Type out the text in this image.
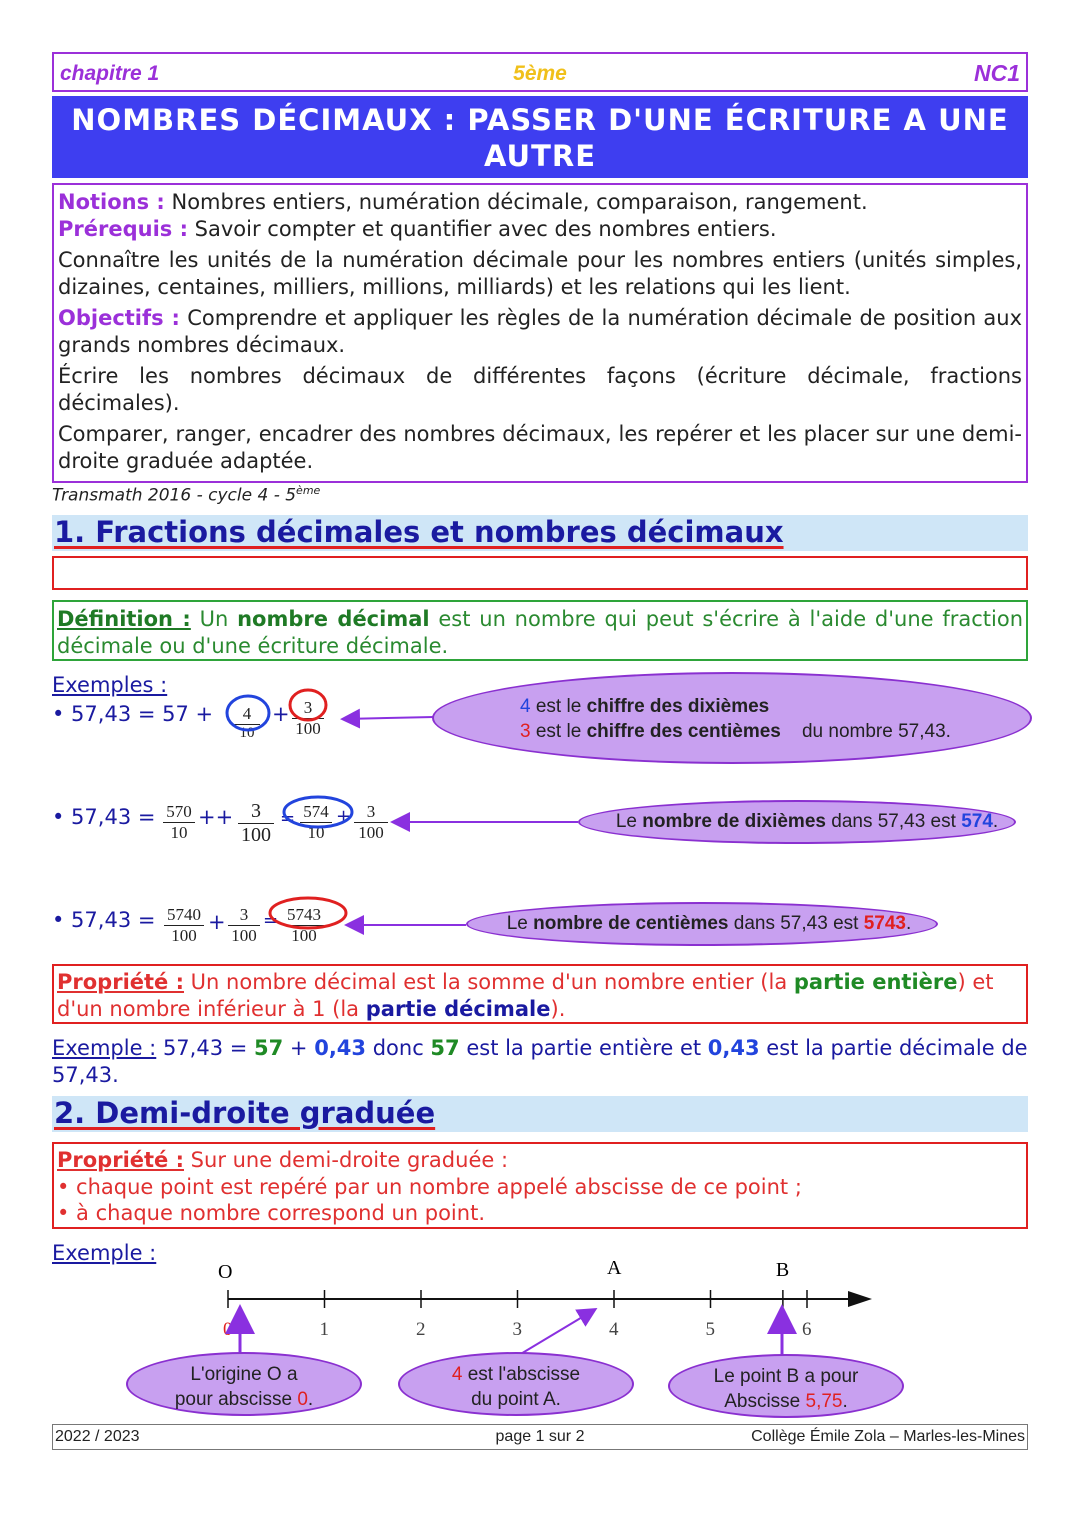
chapitre 1	5ème	NC1
NOMBRES DÉCIMAUX : PASSER D'UNE ÉCRITURE A UNE
AUTRE

Notions : Nombres entiers, numération décimale, comparaison, rangement.
Prérequis : Savoir compter et quantifier avec des nombres entiers.

Connaître les unités de la numération décimale pour les nombres entiers (unités simples, dizaines, centaines, milliers, millions, milliards) et les relations qui les lient.

Objectifs : Comprendre et appliquer les règles de la numération décimale de position aux grands nombres décimaux.

Écrire les nombres décimaux de différentes façons (écriture décimale, fractions décimales).

Comparer, ranger, encadrer des nombres décimaux, les repérer et les placer sur une demi-droite graduée adaptée.

Transmath 2016 - cycle 4 - 5ème
1. Fractions décimales et nombres décimaux
Définition : Un nombre décimal est un nombre qui peut s'écrire à l'aide d'une fraction décimale ou d'une écriture décimale.
Exemples :
• $57,43 = 57 + \frac{4}{10} + \frac{3}{100}$
• $57,43 = \frac{570}{10} ++ \frac{3}{100} = \frac{574}{10} + \frac{3}{100}$
• $57,43 = \frac{5740}{100} + \frac{3}{100} = \frac{5743}{100}$
4 est le chiffre des dixièmes
3 est le chiffre des centièmes    du nombre 57,43.
Le nombre de dixièmes dans 57,43 est 574.
Le nombre de centièmes dans 57,43 est 5743.
Propriété : Un nombre décimal est la somme d'un nombre entier (la partie entière) et d'un nombre inférieur à 1 (la partie décimale).
Exemple : 57,43 = 57 + 0,43 donc 57 est la partie entière et 0,43 est la partie décimale de 57,43.
2. Demi-droite graduée
Propriété : Sur une demi-droite graduée :
• chaque point est repéré par un nombre appelé abscisse de ce point ;
• à chaque nombre correspond un point.
Exemple :
0	1	2	3	4	5	6
O	A	B
L'origine O a
pour abscisse 0.
4 est l'abscisse
du point A.
Le point B a pour
Abscisse 5,75.
2022 / 2023	page 1 sur 2	Collège Émile Zola – Marles-les-Mines
